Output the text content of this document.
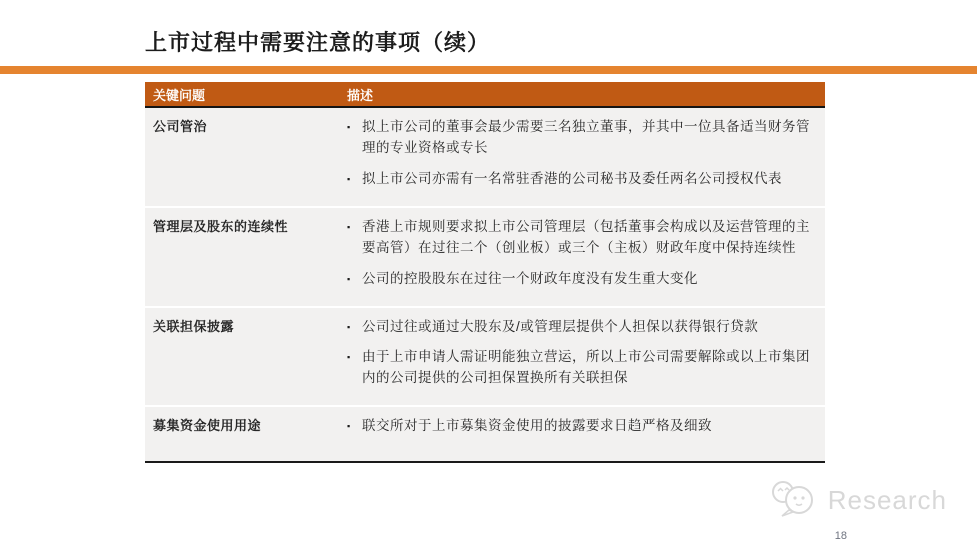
上市过程中需要注意的事项（续）
关键问题	描述
公司管治	▪ 拟上市公司的董事会最少需要三名独立董事，并其中一位具备适当财务管理的专业资格或专长
▪ 拟上市公司亦需有一名常驻香港的公司秘书及委任两名公司授权代表
管理层及股东的连续性	▪ 香港上市规则要求拟上市公司管理层（包括董事会构成以及运营管理的主要高管）在过往二个（创业板）或三个（主板）财政年度中保持连续性
▪ 公司的控股股东在过往一个财政年度没有发生重大变化
关联担保披露	▪ 公司过往或通过大股东及/或管理层提供个人担保以获得银行贷款
▪ 由于上市申请人需证明能独立营运，所以上市公司需要解除或以上市集团内的公司提供的公司担保置换所有关联担保
募集资金使用用途	▪ 联交所对于上市募集资金使用的披露要求日趋严格及细致
Research
18
